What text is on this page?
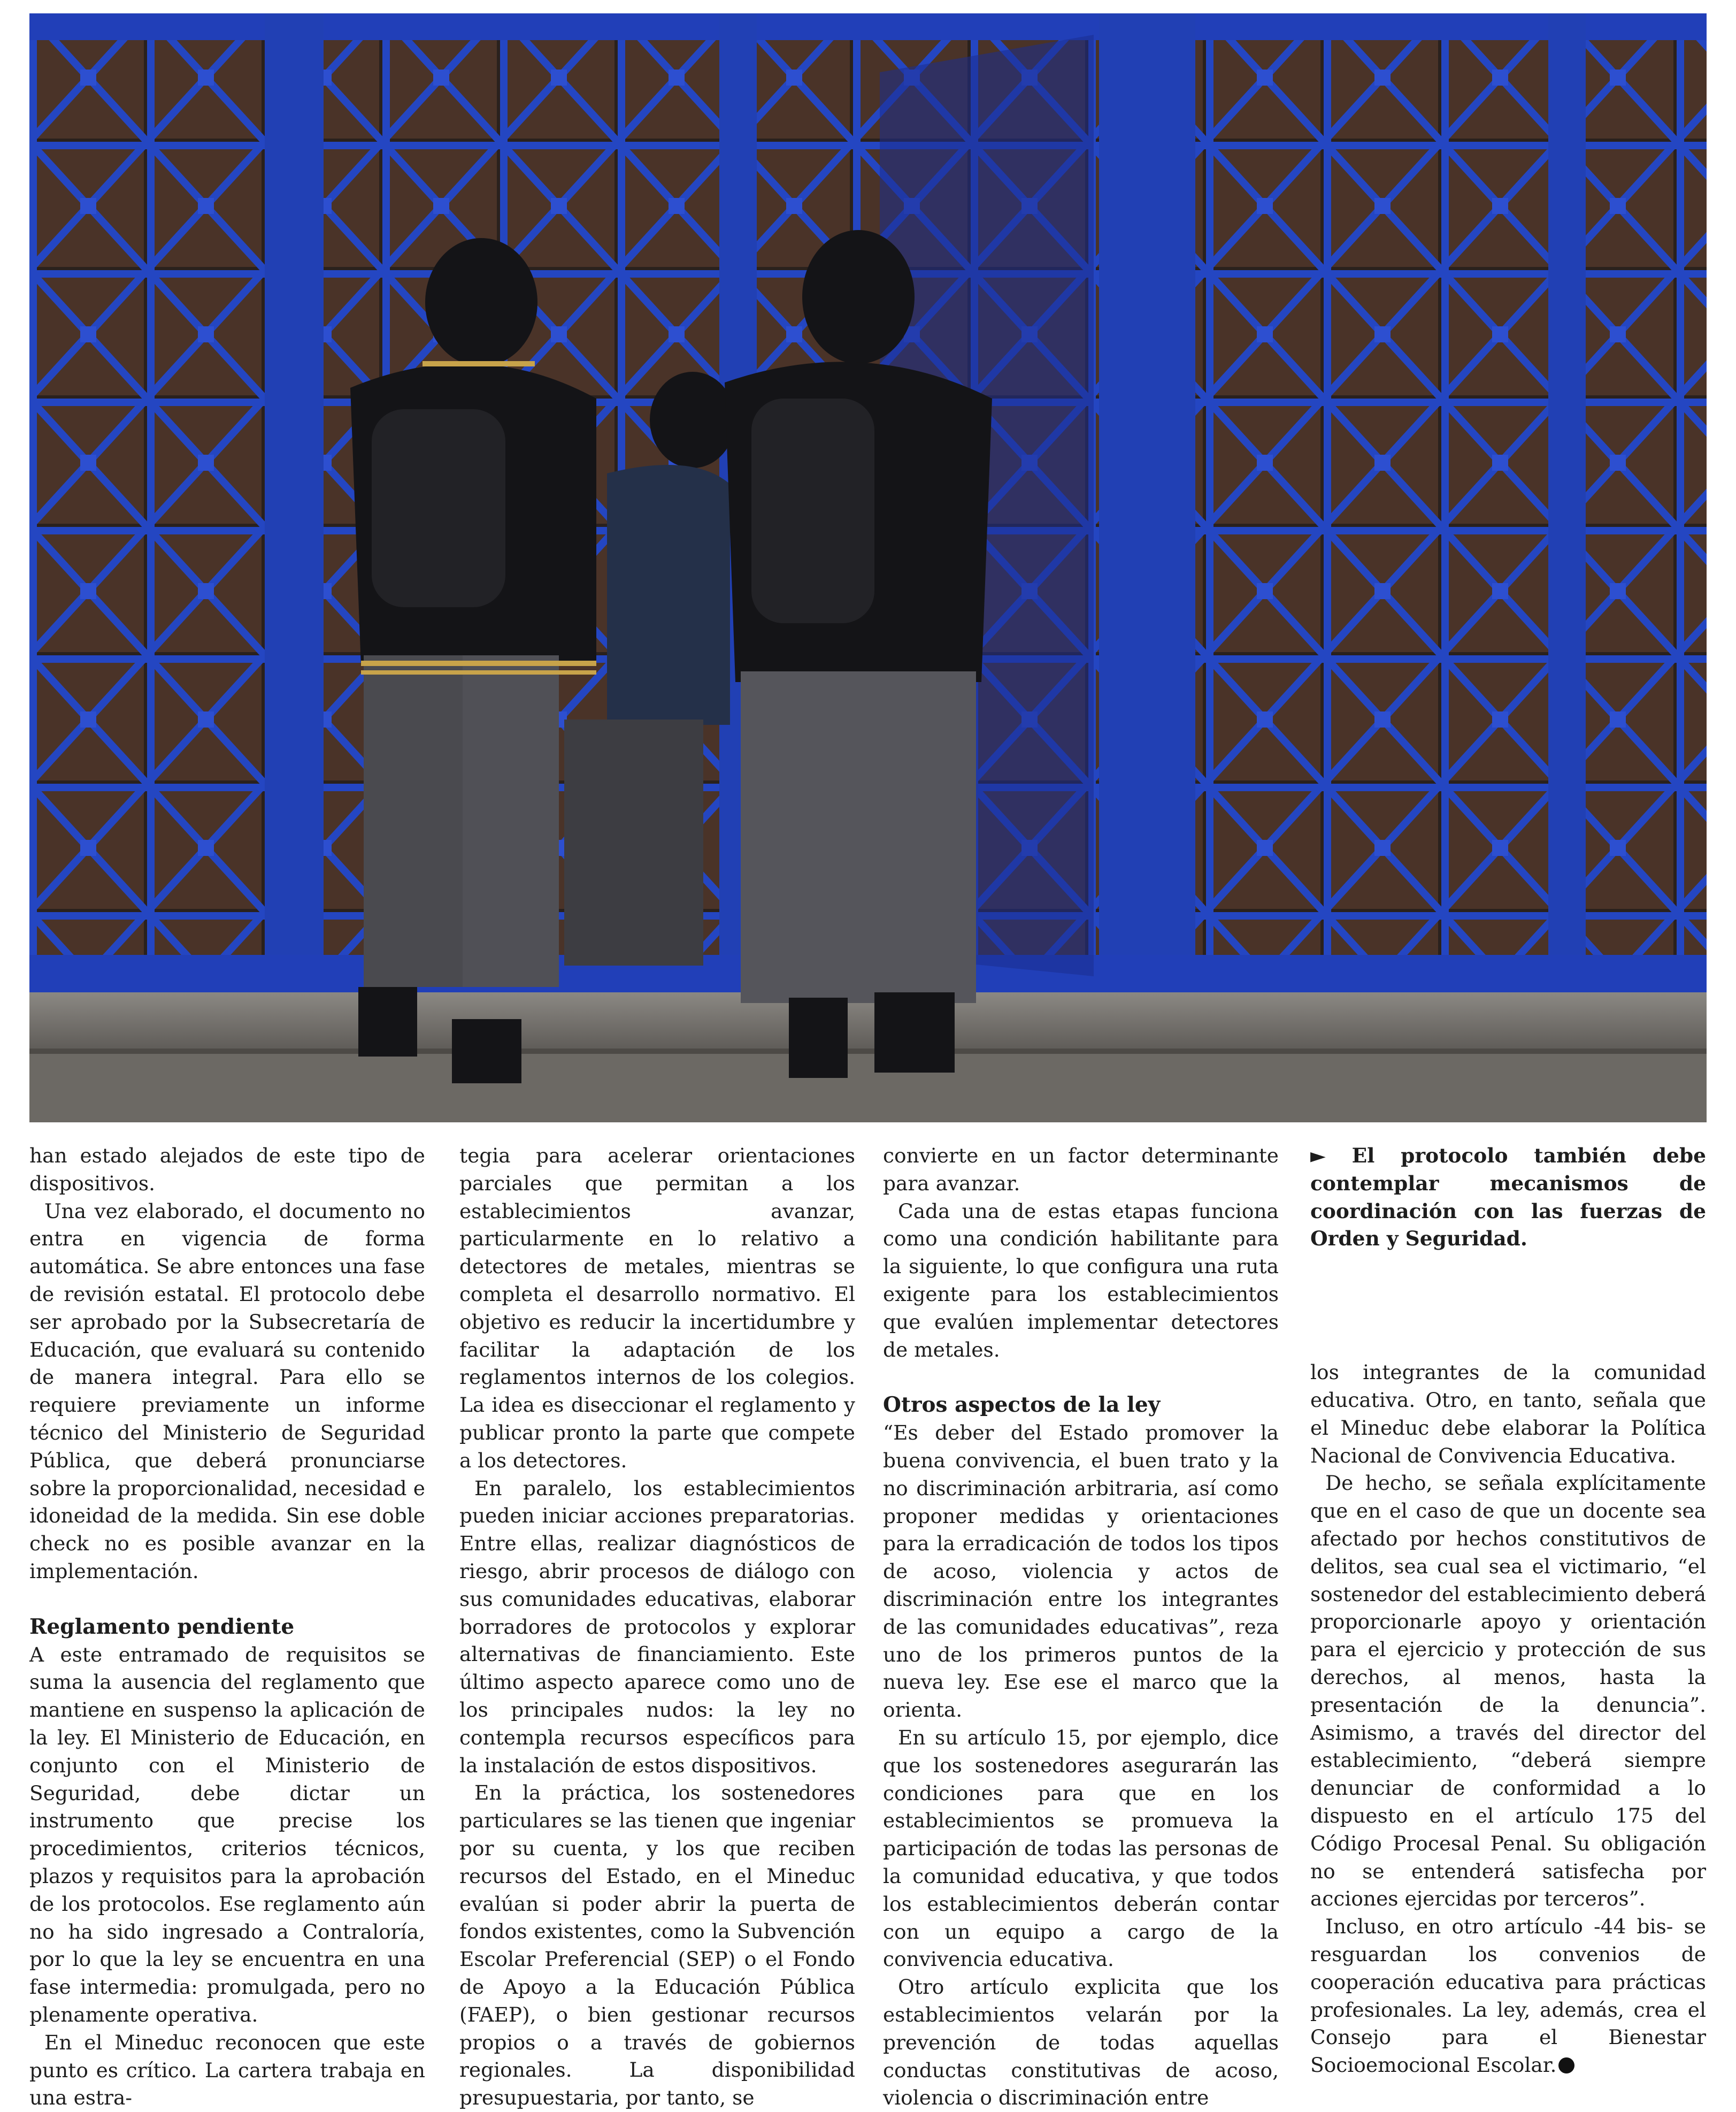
han estado alejados de este tipo de dispositivos.

Una vez elaborado, el documento no entra en vigencia de forma automática. Se abre entonces una fase de revisión estatal. El protocolo debe ser aprobado por la Subsecretaría de Educación, que evaluará su contenido de manera integral. Para ello se requiere previamente un informe técnico del Ministerio de Seguridad Pública, que deberá pronunciarse sobre la proporcionalidad, necesidad e idoneidad de la medida. Sin ese doble check no es posible avanzar en la implementación.

Reglamento pendiente

A este entramado de requisitos se suma la ausencia del reglamento que mantiene en suspenso la aplicación de la ley. El Ministerio de Educación, en conjunto con el Ministerio de Seguridad, debe dictar un instrumento que precise los procedimientos, criterios técnicos, plazos y requisitos para la aprobación de los protocolos. Ese reglamento aún no ha sido ingresado a Contraloría, por lo que la ley se encuentra en una fase intermedia: promulgada, pero no plenamente operativa.

En el Mineduc reconocen que este punto es crítico. La cartera trabaja en una estra-

tegia para acelerar orientaciones parciales que permitan a los establecimientos avanzar, particularmente en lo relativo a detectores de metales, mientras se completa el desarrollo normativo. El objetivo es reducir la incertidumbre y facilitar la adaptación de los reglamentos internos de los colegios. La idea es diseccionar el reglamento y publicar pronto la parte que compete a los detectores.

En paralelo, los establecimientos pueden iniciar acciones preparatorias. Entre ellas, realizar diagnósticos de riesgo, abrir procesos de diálogo con sus comunidades educativas, elaborar borradores de protocolos y explorar alternativas de financiamiento. Este último aspecto aparece como uno de los principales nudos: la ley no contempla recursos específicos para la instalación de estos dispositivos.

En la práctica, los sostenedores particulares se las tienen que ingeniar por su cuenta, y los que reciben recursos del Estado, en el Mineduc evalúan si poder abrir la puerta de fondos existentes, como la Subvención Escolar Preferencial (SEP) o el Fondo de Apoyo a la Educación Pública (FAEP), o bien gestionar recursos propios o a través de gobiernos regionales. La disponibilidad presupuestaria, por tanto, se

convierte en un factor determinante para avanzar.

Cada una de estas etapas funciona como una condición habilitante para la siguiente, lo que configura una ruta exigente para los establecimientos que evalúen implementar detectores de metales.

Otros aspectos de la ley

“Es deber del Estado promover la buena convivencia, el buen trato y la no discriminación arbitraria, así como proponer medidas y orientaciones para la erradicación de todos los tipos de acoso, violencia y actos de discriminación entre los integrantes de las comunidades educativas”, reza uno de los primeros puntos de la nueva ley. Ese ese el marco que la orienta.

En su artículo 15, por ejemplo, dice que los sostenedores asegurarán las condiciones para que en los establecimientos se promueva la participación de todas las personas de la comunidad educativa, y que todos los establecimientos deberán contar con un equipo a cargo de la convivencia educativa.

Otro artículo explicita que los establecimientos velarán por la prevención de todas aquellas conductas constitutivas de acoso, violencia o discriminación entre

► El protocolo también debe contemplar mecanismos de coordinación con las fuerzas de Orden y Seguridad.

los integrantes de la comunidad educativa. Otro, en tanto, señala que el Mineduc debe elaborar la Política Nacional de Convivencia Educativa.

De hecho, se señala explícitamente que en el caso de que un docente sea afectado por hechos constitutivos de delitos, sea cual sea el victimario, “el sostenedor del establecimiento deberá proporcionarle apoyo y orientación para el ejercicio y protección de sus derechos, al menos, hasta la presentación de la denuncia”. Asimismo, a través del director del establecimiento, “deberá siempre denunciar de conformidad a lo dispuesto en el artículo 175 del Código Procesal Penal. Su obligación no se entenderá satisfecha por acciones ejercidas por terceros”.

Incluso, en otro artículo -44 bis- se resguardan los convenios de cooperación educativa para prácticas profesionales. La ley, además, crea el Consejo para el Bienestar Socioemocional Escolar.
